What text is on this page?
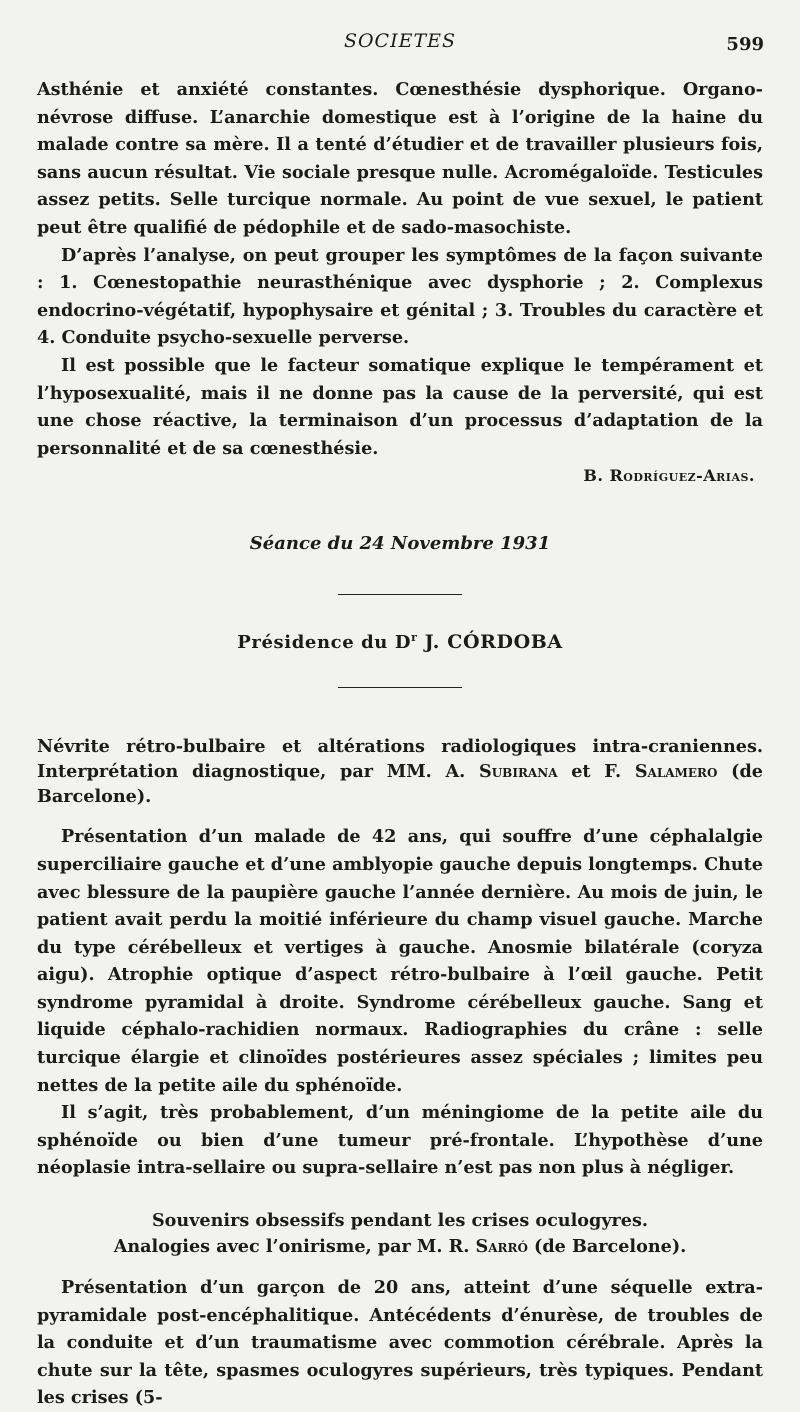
SOCIETES	599

Asthénie et anxiété constantes. Cœnesthésie dysphorique. Organo-névrose diffuse. L’anarchie domestique est à l’origine de la haine du malade contre sa mère. Il a tenté d’étudier et de travailler plusieurs fois, sans aucun résultat. Vie sociale presque nulle. Acromégaloïde. Testicules assez petits. Selle turcique normale. Au point de vue sexuel, le patient peut être qualifié de pédophile et de sado-masochiste.

D’après l’analyse, on peut grouper les symptômes de la façon suivante : 1. Cœnestopathie neurasthénique avec dysphorie ; 2. Complexus endocrino-végétatif, hypophysaire et génital ; 3. Troubles du caractère et 4. Conduite psycho-sexuelle perverse.

Il est possible que le facteur somatique explique le tempérament et l’hyposexualité, mais il ne donne pas la cause de la perversité, qui est une chose réactive, la terminaison d’un processus d’adaptation de la personnalité et de sa cœnesthésie.

B. Rodríguez-Arias.
Séance du 24 Novembre 1931
Présidence du $D^r$ J. CÓRDOBA
Névrite rétro-bulbaire et altérations radiologiques intra-craniennes. Interprétation diagnostique, par MM. A. Subirana et F. Salamero (de Barcelone).

Présentation d’un malade de 42 ans, qui souffre d’une céphalalgie superciliaire gauche et d’une amblyopie gauche depuis longtemps. Chute avec blessure de la paupière gauche l’année dernière. Au mois de juin, le patient avait perdu la moitié inférieure du champ visuel gauche. Marche du type cérébelleux et vertiges à gauche. Anosmie bilatérale (coryza aigu). Atrophie optique d’aspect rétro-bulbaire à l’œil gauche. Petit syndrome pyramidal à droite. Syndrome cérébelleux gauche. Sang et liquide céphalo-rachidien normaux. Radiographies du crâne : selle turcique élargie et clinoïdes postérieures assez spéciales ; limites peu nettes de la petite aile du sphénoïde.

Il s’agit, très probablement, d’un méningiome de la petite aile du sphénoïde ou bien d’une tumeur pré-frontale. L’hypothèse d’une néoplasie intra-sellaire ou supra-sellaire n’est pas non plus à négliger.

Souvenirs obsessifs pendant les crises oculogyres.
Analogies avec l’onirisme, par M. R. Sarró (de Barcelone).

Présentation d’un garçon de 20 ans, atteint d’une séquelle extra-pyramidale post-encéphalitique. Antécédents d’énurèse, de troubles de la conduite et d’un traumatisme avec commotion cérébrale. Après la chute sur la tête, spasmes oculogyres supérieurs, très typiques. Pendant les crises (5-
